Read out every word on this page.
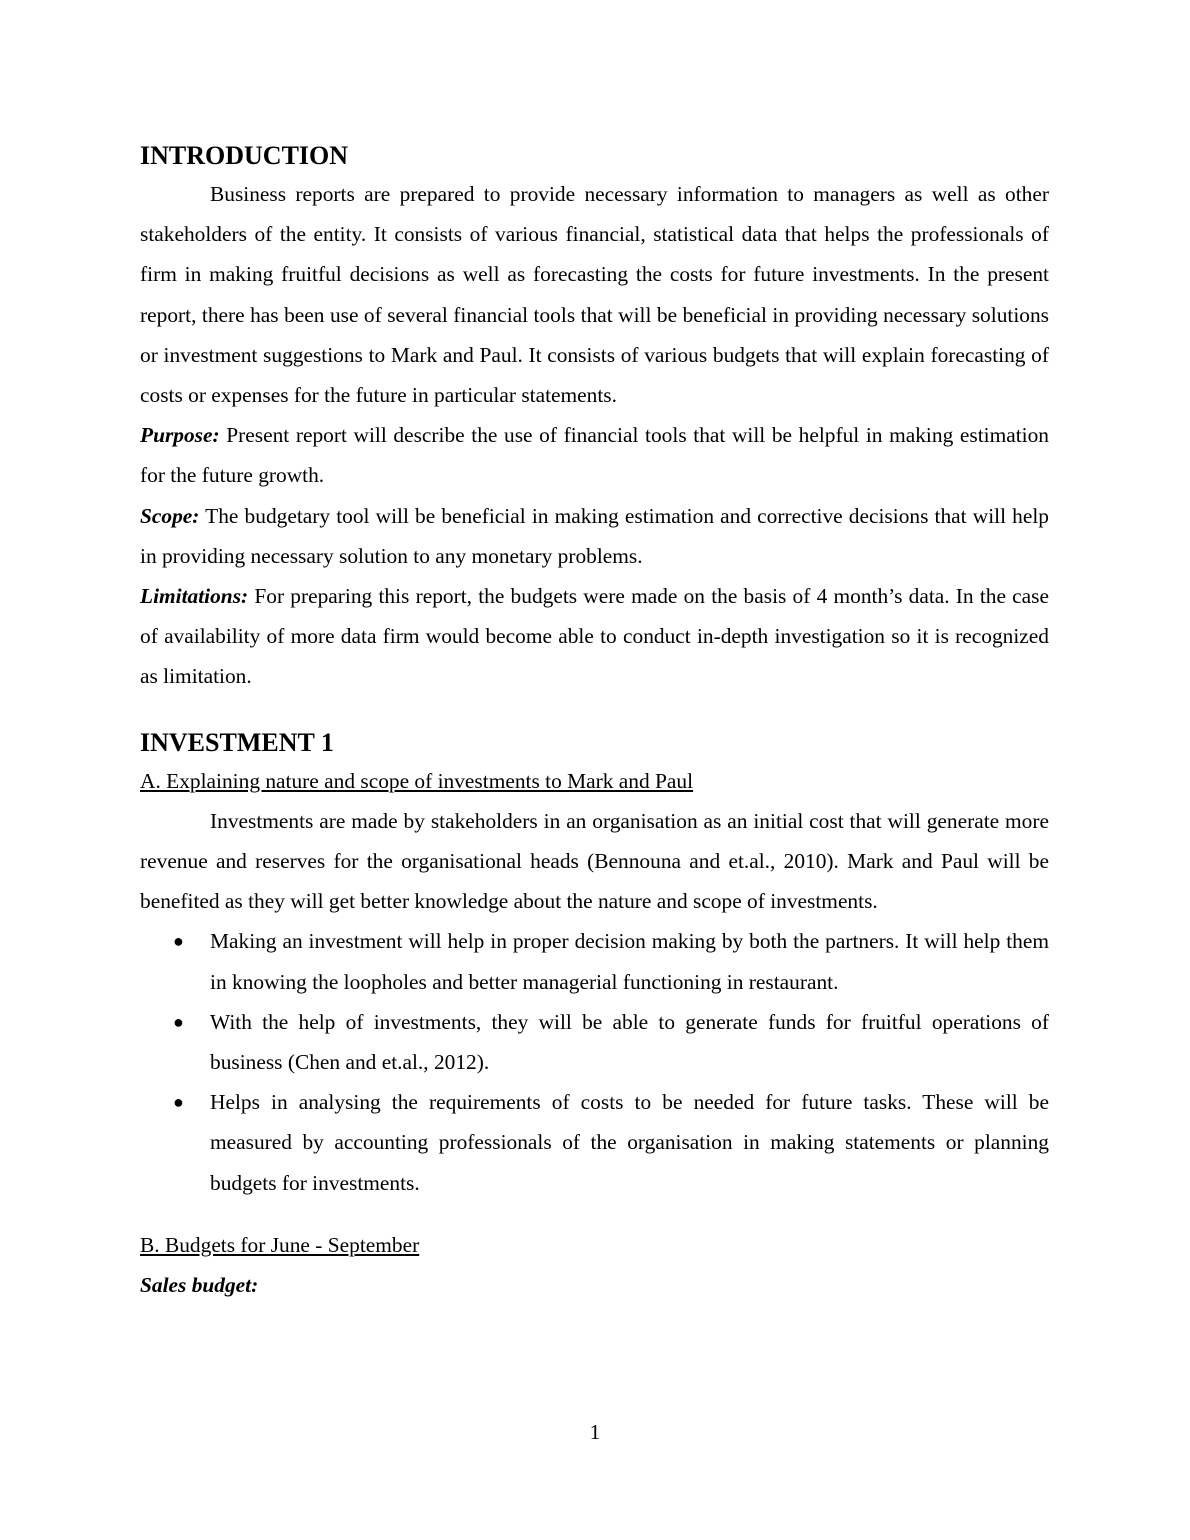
INTRODUCTION

Business reports are prepared to provide necessary information to managers as well as other stakeholders of the entity. It consists of various financial, statistical data that helps the professionals of firm in making fruitful decisions as well as forecasting the costs for future investments. In the present report, there has been use of several financial tools that will be beneficial in providing necessary solutions or investment suggestions to Mark and Paul. It consists of various budgets that will explain forecasting of costs or expenses for the future in particular statements.

Purpose: Present report will describe the use of financial tools that will be helpful in making estimation for the future growth.

Scope: The budgetary tool will be beneficial in making estimation and corrective decisions that will help in providing necessary solution to any monetary problems.

Limitations: For preparing this report, the budgets were made on the basis of 4 month’s data. In the case of availability of more data firm would become able to conduct in-depth investigation so it is recognized as limitation.

INVESTMENT 1
A. Explaining nature and scope of investments to Mark and Paul

Investments are made by stakeholders in an organisation as an initial cost that will generate more revenue and reserves for the organisational heads (Bennouna and et.al., 2010). Mark and Paul will be benefited as they will get better knowledge about the nature and scope of investments.

● Making an investment will help in proper decision making by both the partners. It will help them in knowing the loopholes and better managerial functioning in restaurant.
● With the help of investments, they will be able to generate funds for fruitful operations of business (Chen and et.al., 2012).
● Helps in analysing the requirements of costs to be needed for future tasks. These will be measured by accounting professionals of the organisation in making statements or planning budgets for investments.
B. Budgets for June - September

Sales budget:

1
